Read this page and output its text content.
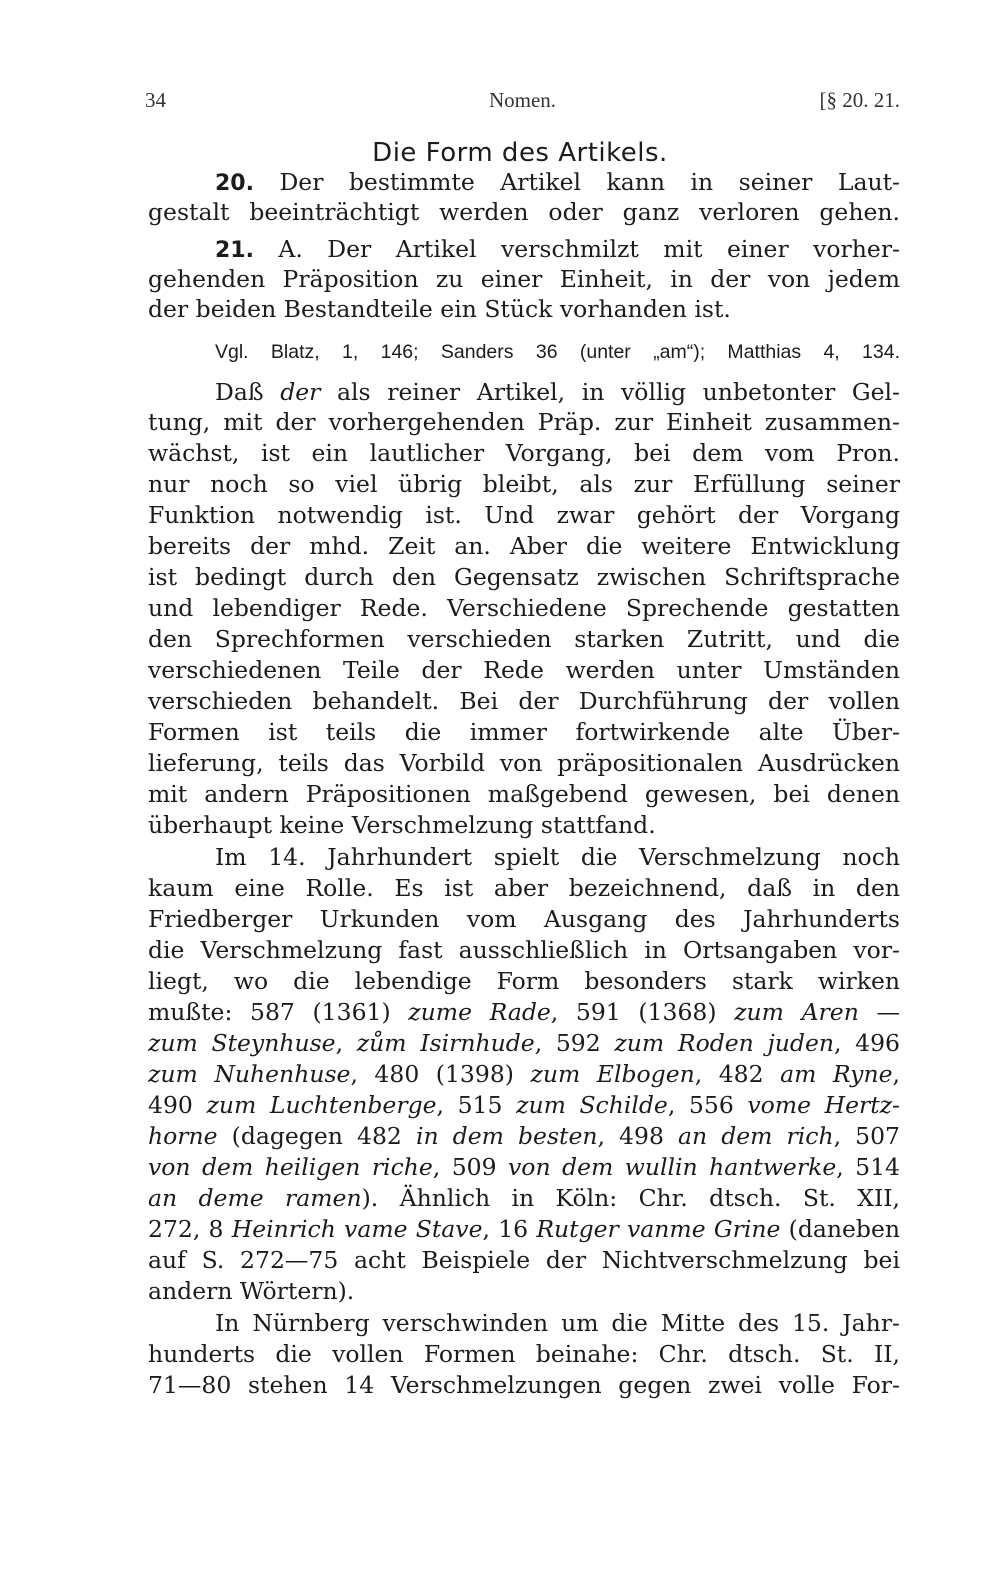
34	Nomen.	[§ 20. 21.
Die Form des Artikels.
20. Der bestimmte Artikel kann in seiner Laut-
gestalt beeinträchtigt werden oder ganz verloren gehen.
21. A. Der Artikel verschmilzt mit einer vorher-
gehenden Präposition zu einer Einheit, in der von jedem
der beiden Bestandteile ein Stück vorhanden ist.
Vgl. Blatz, 1, 146; Sanders 36 (unter „am“); Matthias 4, 134.
Daß der als reiner Artikel, in völlig unbetonter Gel-
tung, mit der vorhergehenden Präp. zur Einheit zusammen-
wächst, ist ein lautlicher Vorgang, bei dem vom Pron.
nur noch so viel übrig bleibt, als zur Erfüllung seiner
Funktion notwendig ist. Und zwar gehört der Vorgang
bereits der mhd. Zeit an. Aber die weitere Entwicklung
ist bedingt durch den Gegensatz zwischen Schriftsprache
und lebendiger Rede. Verschiedene Sprechende gestatten
den Sprechformen verschieden starken Zutritt, und die
verschiedenen Teile der Rede werden unter Umständen
verschieden behandelt. Bei der Durchführung der vollen
Formen ist teils die immer fortwirkende alte Über-
lieferung, teils das Vorbild von präpositionalen Ausdrücken
mit andern Präpositionen maßgebend gewesen, bei denen
überhaupt keine Verschmelzung stattfand.
Im 14. Jahrhundert spielt die Verschmelzung noch
kaum eine Rolle. Es ist aber bezeichnend, daß in den
Friedberger Urkunden vom Ausgang des Jahrhunderts
die Verschmelzung fast ausschließlich in Ortsangaben vor-
liegt, wo die lebendige Form besonders stark wirken
mußte: 587 (1361) zume Rade, 591 (1368) zum Aren —
zum Steynhuse, zům Isirnhude, 592 zum Roden juden, 496
zum Nuhenhuse, 480 (1398) zum Elbogen, 482 am Ryne,
490 zum Luchtenberge, 515 zum Schilde, 556 vome Hertz-
horne (dagegen 482 in dem besten, 498 an dem rich, 507
von dem heiligen riche, 509 von dem wullin hantwerke, 514
an deme ramen). Ähnlich in Köln: Chr. dtsch. St. XII,
272, 8 Heinrich vame Stave, 16 Rutger vanme Grine (daneben
auf S. 272—75 acht Beispiele der Nichtverschmelzung bei
andern Wörtern).
In Nürnberg verschwinden um die Mitte des 15. Jahr-
hunderts die vollen Formen beinahe: Chr. dtsch. St. II,
71—80 stehen 14 Verschmelzungen gegen zwei volle For-
